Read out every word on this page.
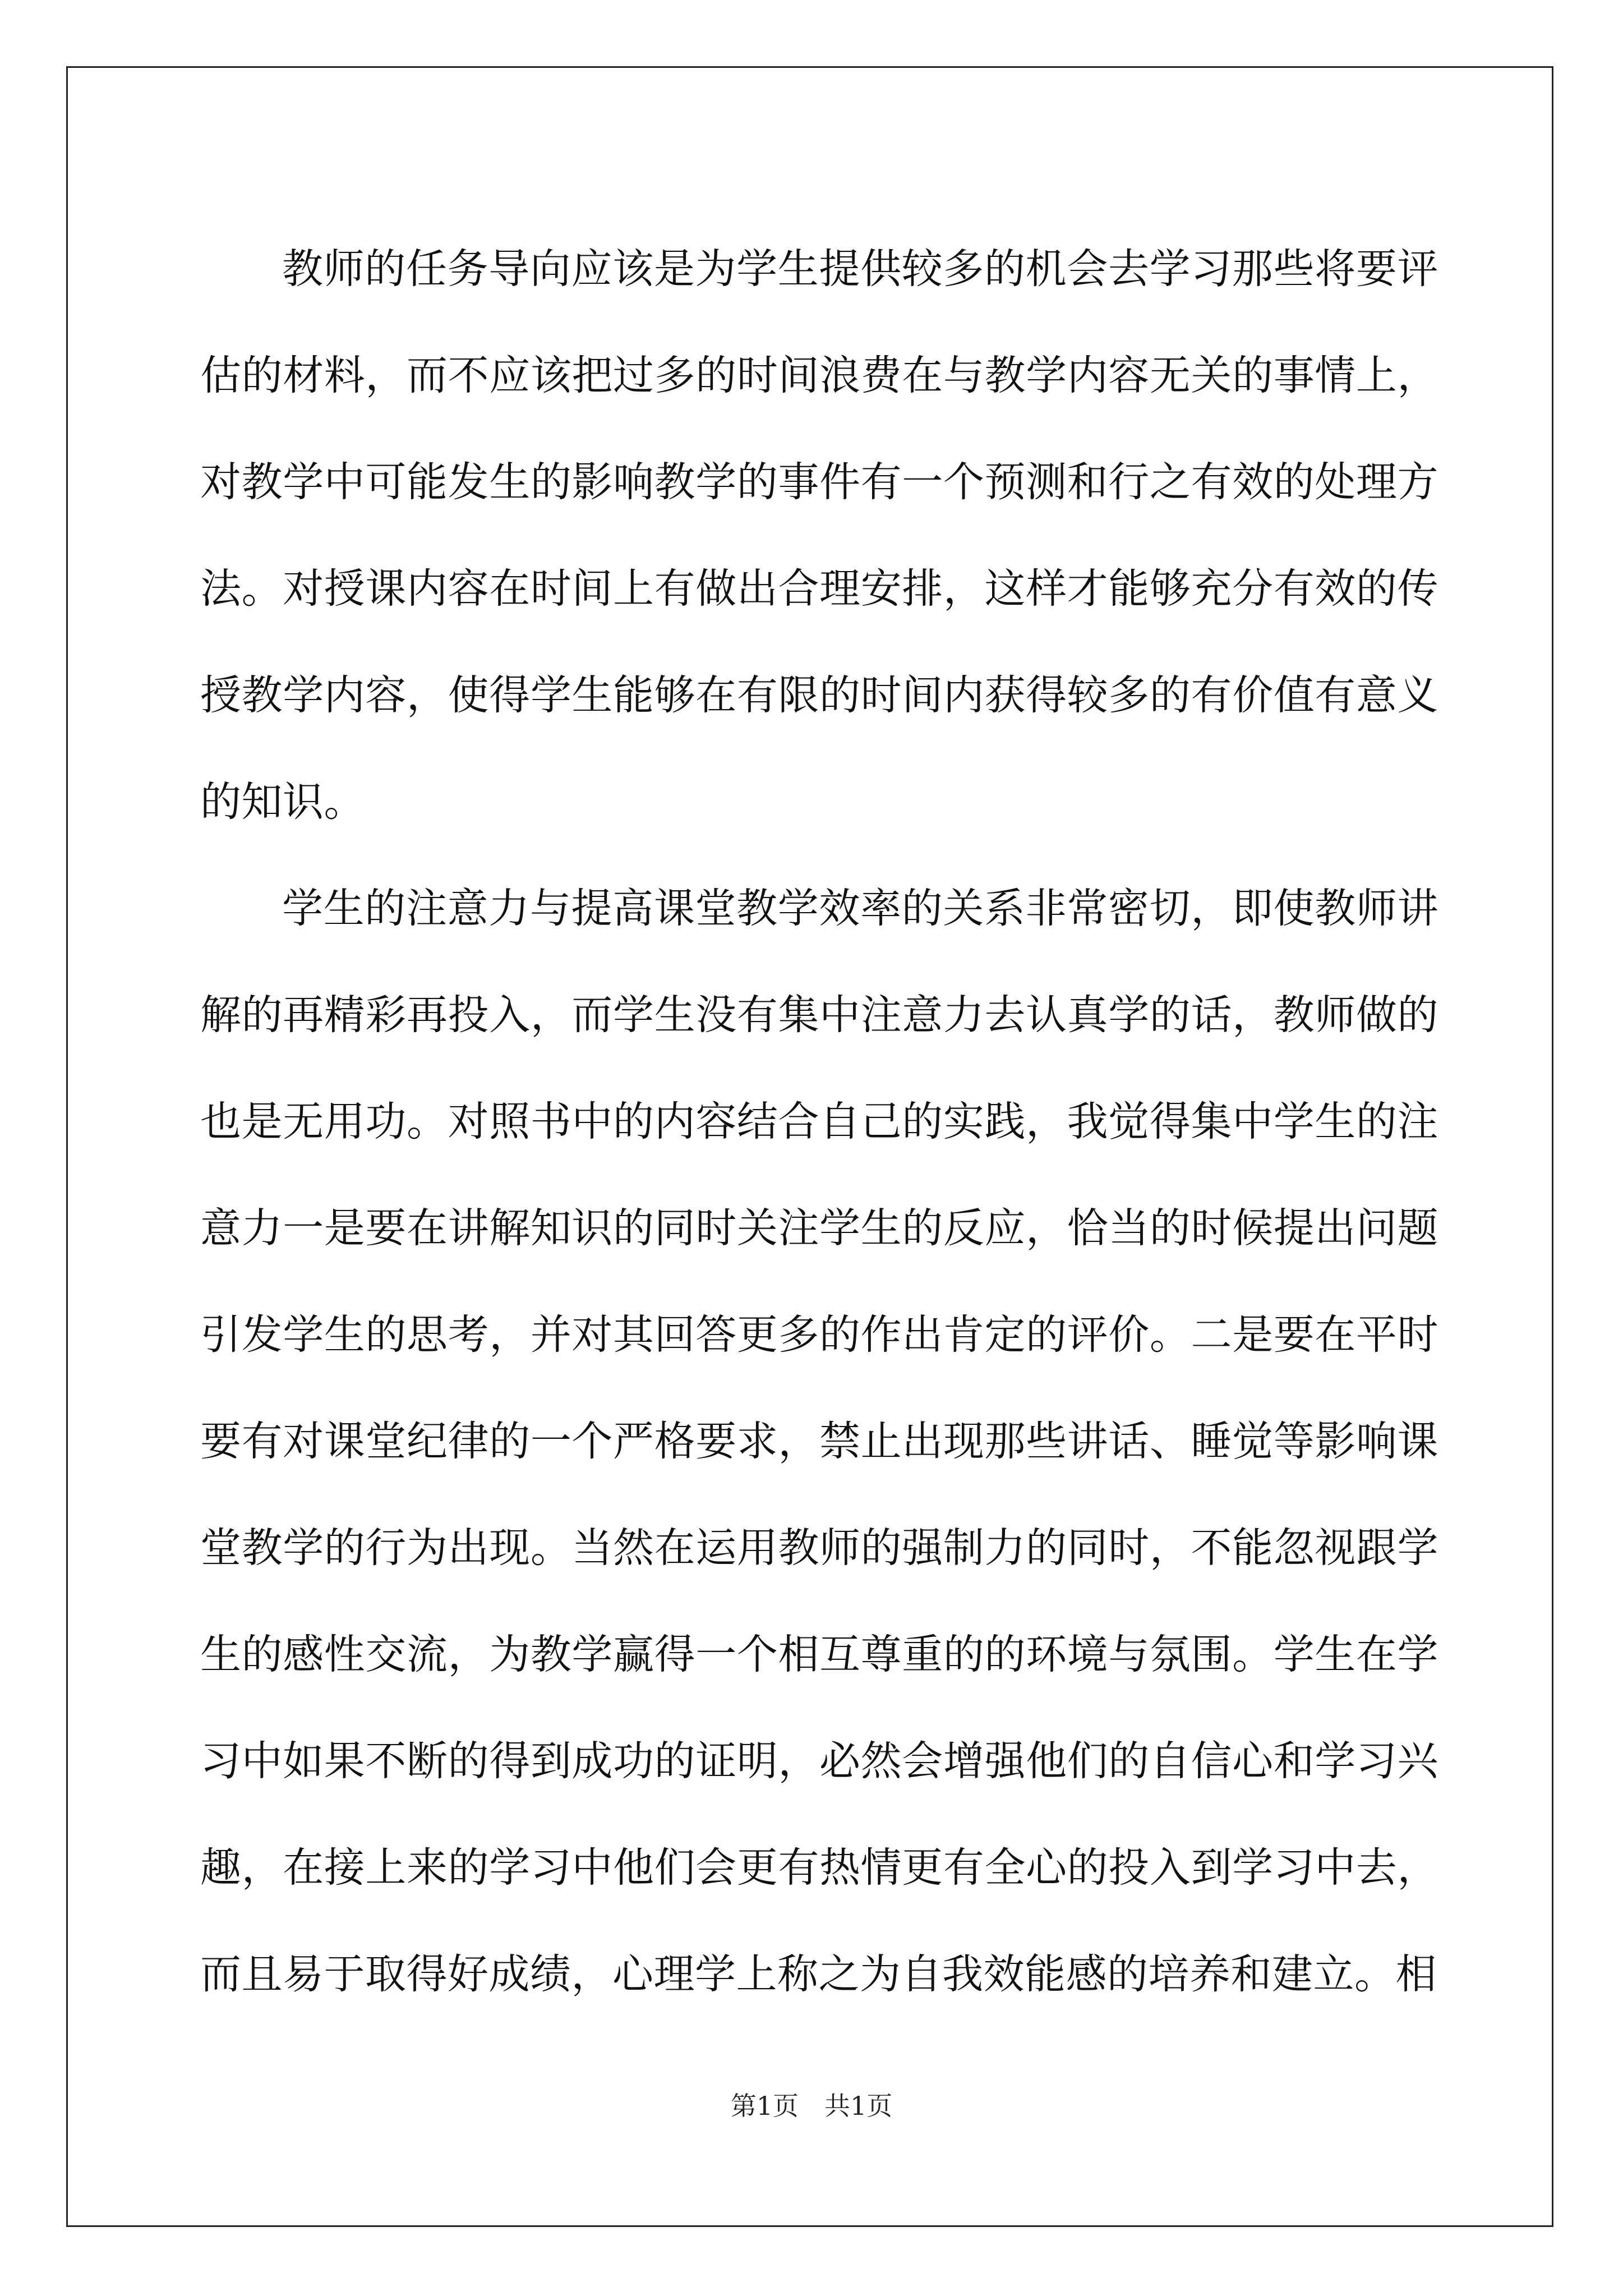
教师的任务导向应该是为学生提供较多的机会去学习那些将要评估的材料，而不应该把过多的时间浪费在与教学内容无关的事情上，对教学中可能发生的影响教学的事件有一个预测和行之有效的处理方法。对授课内容在时间上有做出合理安排，这样才能够充分有效的传授教学内容，使得学生能够在有限的时间内获得较多的有价值有意义的知识。

学生的注意力与提高课堂教学效率的关系非常密切，即使教师讲解的再精彩再投入，而学生没有集中注意力去认真学的话，教师做的也是无用功。对照书中的内容结合自己的实践，我觉得集中学生的注意力一是要在讲解知识的同时关注学生的反应，恰当的时候提出问题引发学生的思考，并对其回答更多的作出肯定的评价。二是要在平时要有对课堂纪律的一个严格要求，禁止出现那些讲话、睡觉等影响课堂教学的行为出现。当然在运用教师的强制力的同时，不能忽视跟学生的感性交流，为教学赢得一个相互尊重的的环境与氛围。学生在学习中如果不断的得到成功的证明，必然会增强他们的自信心和学习兴趣，在接上来的学习中他们会更有热情更有全心的投入到学习中去，而且易于取得好成绩，心理学上称之为自我效能感的培养和建立。相

第1页　共1页
